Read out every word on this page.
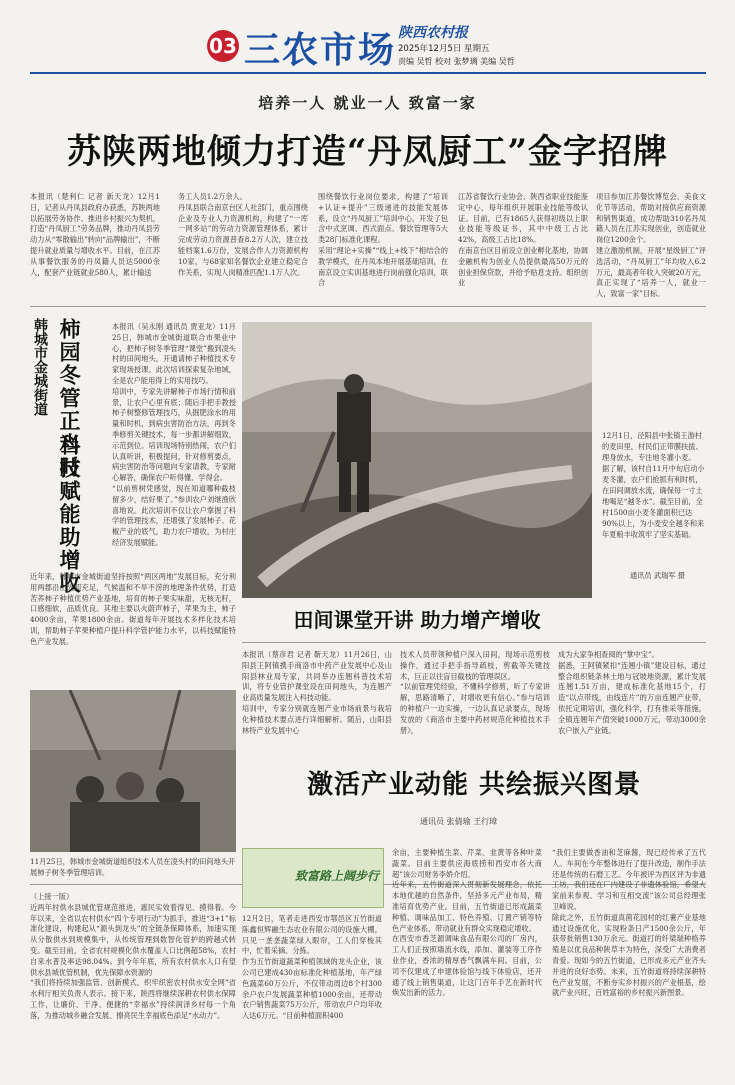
03 三农市场 陕西农村报
2025年12月5日 星期五
责编 吴哲 校对 张梦璃 美编 吴哲
培养一人 就业一人 致富一家
苏陕两地倾力打造“丹凤厨工”金字招牌
本报讯（楚利仁 记者 新天龙）12月1日，记者从丹凤县政府办获悉，苏陕两地以拓展劳务协作、推进乡村振兴为契机，打造“丹凤厨工”劳务品牌，推动丹凤县劳动力从“零散输出”转向“品牌输出”，不断提升就业质量与增收水平。目前，在江苏从事餐饮服务的丹凤籍人员达5000余人，配套产业链就业580人，累计输送
务工人员1.2万余人。
丹凤县联合南京台区人社部门，重点围绕企业及专业人力资源机构，构建了“一库一网多站”的劳动力资源管理体系，累计完成劳动力资源普查8.2万人次，建立技能档案1.6万份，发展合作人力资源机构10家，与68家知名餐饮企业建立稳定合作关系，实现人岗精准匹配1.1万人次。
围绕餐饮行业岗位要求，构建了“培训+认证+提升”三级递进的技能发展体系，设立“丹凤厨工”培训中心，开发了包含中式烹调、西式面点、餐饮管理等5大类28门标准化课程。
采用“理论+实操”“线上+线下”相结合的教学模式，在丹凤本地开展基础培训，在南京设立实训基地进行岗前强化培训，联合
江苏省餐饮行业协会、陕西省职业技能鉴定中心，每年组织开展职业技能等级认证。目前，已有1865人获得初级以上职业技能等级证书，其中中级工占比42%，高级工占比18%。
在南京台区目前设立创业孵化基地，协调金融机构为创业人员提供最高50万元的创业担保贷款，并给予贴息支持。组织创业
项目参加江苏餐饮博览会、美食文化节等活动，帮助对接供应商资源和销售渠道，成功帮助310名丹凤籍人员在江苏实现创业，创造就业岗位1200余个。
建立激励机制，开展“星级厨工”评选活动，“丹凤厨工”年均收入6.2万元，最高者年收入突破20万元，真正实现了“培养一人，就业一人，致富一家”目标。
韩城市金城街道 柿园冬管正当时
科技赋能助增收
本报讯（吴永刚 通讯员 贾亚龙）11月25日，韩城市金城街道联合市果业中心，把柿子树冬季管理“课堂”搬到凌头村的田间地头，开通请柿子种植技术专家现场授课。此次培训探索复杂地域，全是农户能用得上的实用技巧。
培训中，专家先讲解柿子市场行情和前景，让农户心里有底；随后手把手教授柿子树整修管理技巧，从掘肥涂水的用量和时机，到病虫害防治方法，再到冬季修剪关键技术，每一步都讲解细致，示范到位。培训现场特别热闹，农户们认真听讲，积极提问，针对修剪要点，病虫害防治等问题向专家请教，专家耐心解答，确保农户听得懂、学得会。
“以前剪树凭感觉，现在知道哪种截枝留多少，结好果了。”参训农户刘继渔欣喜地说。此次培训不仅让农户掌握了科学的管理技术，还增强了发展柿子、花椒产业的底气，助力农户增收，为村庄经济发展赋能。
近年来，韩城市金城街道坚持按照“两区两地”发展目标，充分利用两郡沿山光照充足，气候温和不旱不涝的地理条件优势，打造苦荞柿子种植优势产业基地，培育的柿子果实味甜，无核无籽，口感细软，品质优良。其地主要以火蔚声柿子，苹果为主，柿子4000余亩，苹果1800余亩。街道每年开展技术多样化技术培训，帮助柿子苹果种植户提升科学管护能力水平，以科技赋能特色产业发展。
12月1日，泾阳县中张镇王游村的麦田里，村民们正带膜扶拔、理身放水，专注地冬灌小麦。
据了解，该村自11月中旬启动小麦冬灌，农户们抢抓有利时机，在田间调放水流，确保每一寸土地喝足“越冬水”。截至目前，全村1500亩小麦冬灌面积已达90%以上，为小麦安全越冬和来年夏粮丰收筑牢了坚实基础。
通讯员 武瑞军 摄
田间课堂开讲 助力增产增收
本报讯（蔡彦君 记者 靳天龙）11月26日，山阳县王阿镇携手商洛市中药产业发展中心及山阳县林业局专家，共同举办连翘科普技术培训，将专业管护课堂设在田间地头，为连翘产业高质量发展注入科技动能。
培训中，专家分别就连翘产业市场前景与栽培化种植技术要点进行详细解析。随后，山阳县林特产业发展中心
技术人员带领种植户深入田间，现场示范剪枝操作，通过手把手指导疏枝，剪截等关键技术，巨正以往盲目截枝的管理误区。
“以前管理凭经验，不懂科学修剪，听了专家讲解，思路清晰了，对增收更有信心。”参与培训的种植户一边实操，一边认真记录要点，现场发放的《商洛市主要中药材规范化种植技术手册》，
成为大家争相查阅的“掌中宝”。
据悉，王阿镇紧扣“连翘小镇”建设目标，通过整合组织链条林土地与冠坡地资源，累计发展连翘1.51万亩，建成标准化基地15个，打造“以点带线，由线连片”的万亩连翘产业带，依托定期培训，强化科学，打有推采等措施，全镇连翘年产值突破1000万元，带动3000余农户嵌入产业链。
11月25日，韩城市金城街道组织技术人员在凌头村的田间地头开展柿子树冬季管理培训。
激活产业动能 共绘振兴图景
通讯员 张倩瑜 王行璋
（上接一版）
近两年村供水县城优管规范推进，惠民实效着得见、摸得着。今年以来，全省以农村供水“四个专项行动”为抓手，推进“3+1”标准化建设，构建起从“源头到龙头”的全链条保障体系，加速实现从分散供水到规模集中，从传统管理到数智化管护的跨越式转变。截至目前，全省农村规模化供水覆盖人口比例超58%，农村自来水普及率达98.04%。到今年年底，所有农村供水人口有望供水县城优管机制，优先保障水资源的
“我们将持续加强监管、创新模式，织牢织密农村供水安全网”省水利厅相关负责人表示。接下来，陕西将继续深耕农村供水保障工作，让廉价、干净、便捷的“幸福水”持续润泽乡村每一个角落，为推动城乡融合发展、擦亮民生幸福底色添足“水动力”。
致富路上阔步行
12月2日，笔者走进西安市鄠邑区五竹街道陈鑫恒辉融生态农业有限公司的设施大棚，只见一垄垄蔬菜绿入眼帘，工人们穿梭其中，忙着采摘、分拣。
作为五竹街道蔬菜种植领域的龙头企业，该公司已建成430亩标准化种植基地，年产绿色蔬菜60万公斤，不仅带动周边8个村300余户农户发展蔬菜种植1000余亩，还带动农户销售蔬菜75万公斤，带动农户户均年收入达6万元。“目前种植面积400
余亩，主要种植生菜、芹菜、韭黄等各种叶菜蔬菜。目前主要供应海底捞和西安市各大商超”该公司财务李娇介绍。
近年来，五竹街道深入贯彻新发展理念，依托本地优越的自然条件，坚持多元产业布局，精准培育优势产业。目前，五竹街道已形成蔬菜种植、调味品加工、特色养殖、订置产销等特色产业体系，带动就业有群众实现稳定增收。
在西安市香芝源调味食品有限公司的厂房内，工人们正按照墙流水线，添加、灌装等工序作业作业，香浓的精厚香气飘满车间。目前，公司不仅建成了申建体验馆与线下体验店，还开通了线上销售渠道，让这门百年手艺在新时代焕发出新的活力。
“我们主要做香油和芝麻酱，现已经传承了五代人。车间在今年整体进行了提升改造，制作手法还是传统的石磨工艺。今年被评为西区评为非遗工坊，我们还在厂内建设了非遗体验馆，希望大家前来参观、学习和互相交流”该公司总经理张卫峰说。
除此之外，五竹街道真菌花园村的红薯产业基地通过设施优化，实现粉条日产1500余公斤，年获带批销售130万余元。街道打的纤梁瑞种格养殖是以优良品种陕草丰为特色，深受广大消费者青爱。现如今的五竹街道，已形成多元产业齐头并进的良好态势。未来，五竹街道将持续深耕特色产业发展，不断夯实乡村振兴的产业根基，绘就产业兴旺，百姓富裕的乡村振兴新图景。
